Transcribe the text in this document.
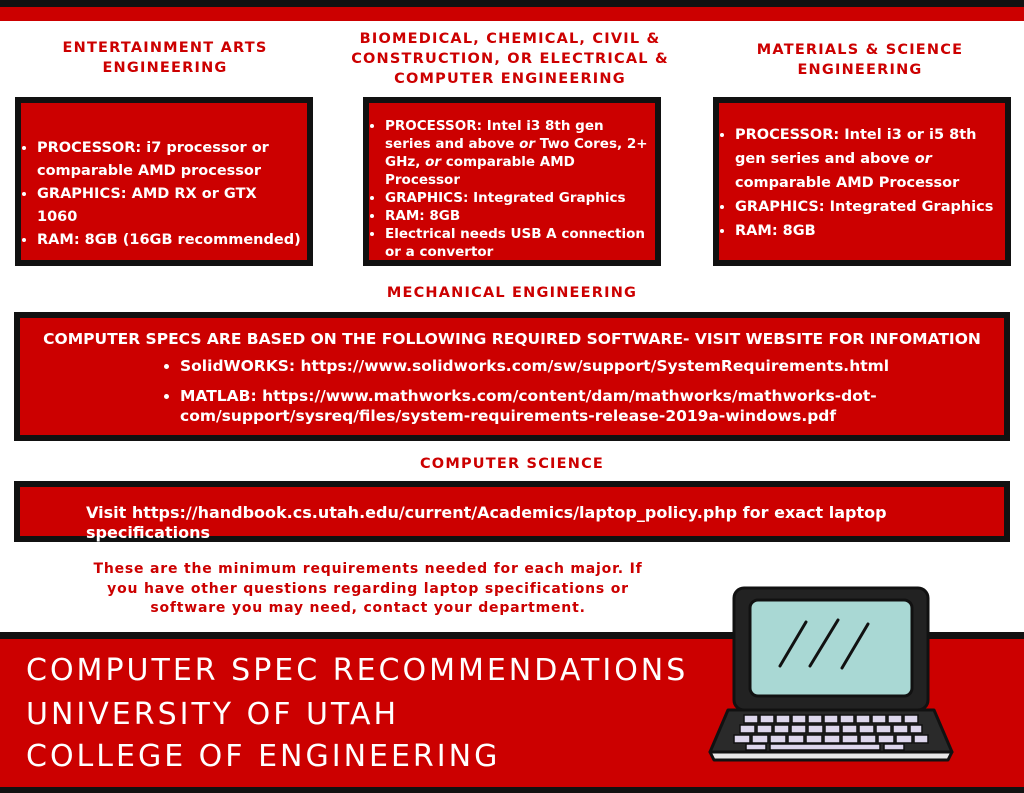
ENTERTAINMENT ARTS ENGINEERING

BIOMEDICAL, CHEMICAL, CIVIL & CONSTRUCTION, OR ELECTRICAL & COMPUTER ENGINEERING

MATERIALS & SCIENCE ENGINEERING

• PROCESSOR: i7 processor or comparable AMD processor
• GRAPHICS: AMD RX or GTX 1060
• RAM: 8GB (16GB recommended)
• PROCESSOR: Intel i3 8th gen series and above or Two Cores, 2+ GHz, or comparable AMD Processor
• GRAPHICS: Integrated Graphics
• RAM: 8GB
• Electrical needs USB A connection or a convertor
• PROCESSOR: Intel i3 or i5 8th gen series and above or comparable AMD Processor
• GRAPHICS: Integrated Graphics
• RAM: 8GB

MECHANICAL ENGINEERING

COMPUTER SPECS ARE BASED ON THE FOLLOWING REQUIRED SOFTWARE- VISIT WEBSITE FOR INFOMATION

• SolidWORKS: https://www.solidworks.com/sw/support/SystemRequirements.html
• MATLAB: https://www.mathworks.com/content/dam/mathworks/mathworks-dot-com/support/sysreq/files/system-requirements-release-2019a-windows.pdf

COMPUTER SCIENCE

Visit https://handbook.cs.utah.edu/current/Academics/laptop_policy.php for exact laptop specifications

These are the minimum requirements needed for each major. If you have other questions regarding laptop specifications or software you may need, contact your department.

COMPUTER SPEC RECOMMENDATIONS

UNIVERSITY OF UTAH

COLLEGE OF ENGINEERING
